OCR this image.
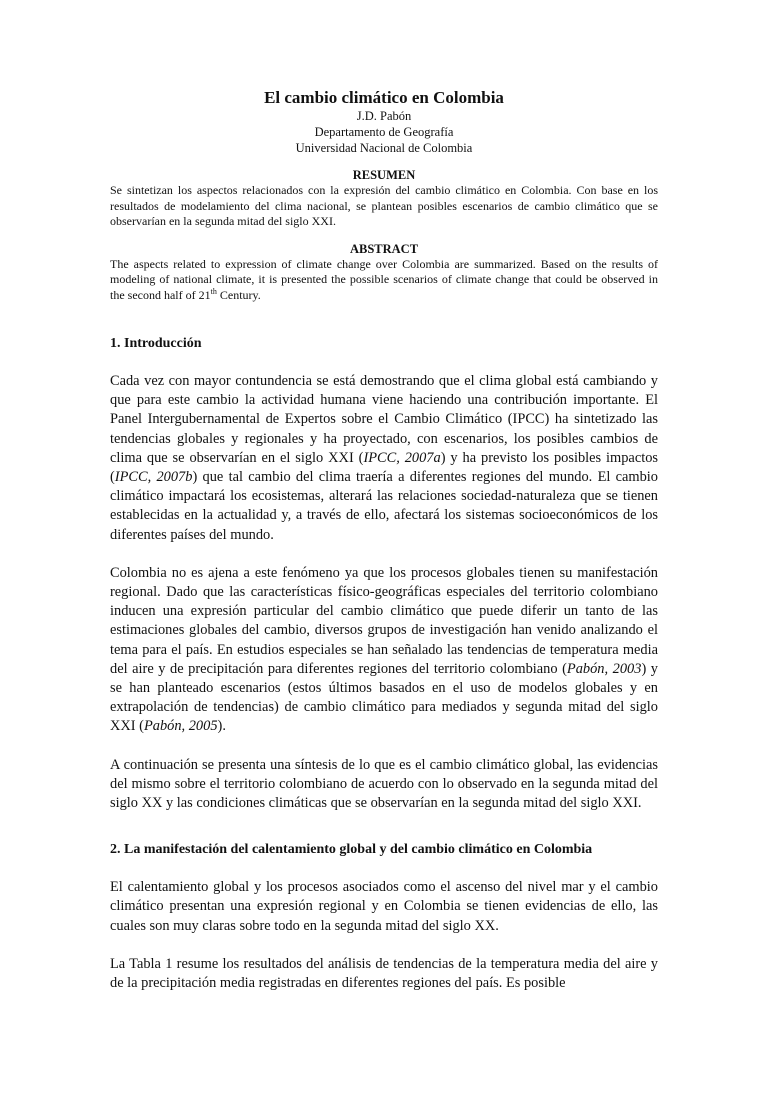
El cambio climático en Colombia
J.D. Pabón
Departamento de Geografía
Universidad Nacional de Colombia
RESUMEN
Se sintetizan los aspectos relacionados con la expresión del cambio climático en Colombia. Con base en los resultados de modelamiento del clima nacional, se plantean posibles escenarios de cambio climático que se observarían en la segunda mitad del siglo XXI.
ABSTRACT
The aspects related to expression of climate change over Colombia are summarized. Based on the results of modeling of national climate, it is presented the possible scenarios of climate change that could be observed in the second half of 21th Century.
1. Introducción

Cada vez con mayor contundencia se está demostrando que el clima global está cambiando y que para este cambio la actividad humana viene haciendo una contribución importante. El Panel Intergubernamental de Expertos sobre el Cambio Climático (IPCC) ha sintetizado las tendencias globales y regionales y ha proyectado, con escenarios, los posibles cambios de clima que se observarían en el siglo XXI (IPCC, 2007a) y ha previsto los posibles impactos (IPCC, 2007b) que tal cambio del clima traería a diferentes regiones del mundo. El cambio climático impactará los ecosistemas, alterará las relaciones sociedad-naturaleza que se tienen establecidas en la actualidad y, a través de ello, afectará los sistemas socioeconómicos de los diferentes países del mundo.

Colombia no es ajena a este fenómeno ya que los procesos globales tienen su manifestación regional. Dado que las características físico-geográficas especiales del territorio colombiano inducen una expresión particular del cambio climático que puede diferir un tanto de las estimaciones globales del cambio, diversos grupos de investigación han venido analizando el tema para el país. En estudios especiales se han señalado las tendencias de temperatura media del aire y de precipitación para diferentes regiones del territorio colombiano (Pabón, 2003) y se han planteado escenarios (estos últimos basados en el uso de modelos globales y en extrapolación de tendencias) de cambio climático para mediados y segunda mitad del siglo XXI (Pabón, 2005).

A continuación se presenta una síntesis de lo que es el cambio climático global, las evidencias del mismo sobre el territorio colombiano de acuerdo con lo observado en la segunda mitad del siglo XX y las condiciones climáticas que se observarían en la segunda mitad del siglo XXI.

2. La manifestación del calentamiento global y del cambio climático en Colombia

El calentamiento global y los procesos asociados como el ascenso del nivel mar y el cambio climático presentan una expresión regional y en Colombia se tienen evidencias de ello, las cuales son muy claras sobre todo en la segunda mitad del siglo XX.

La Tabla 1 resume los resultados del análisis de tendencias de la temperatura media del aire y de la precipitación media registradas en diferentes regiones del país. Es posible
